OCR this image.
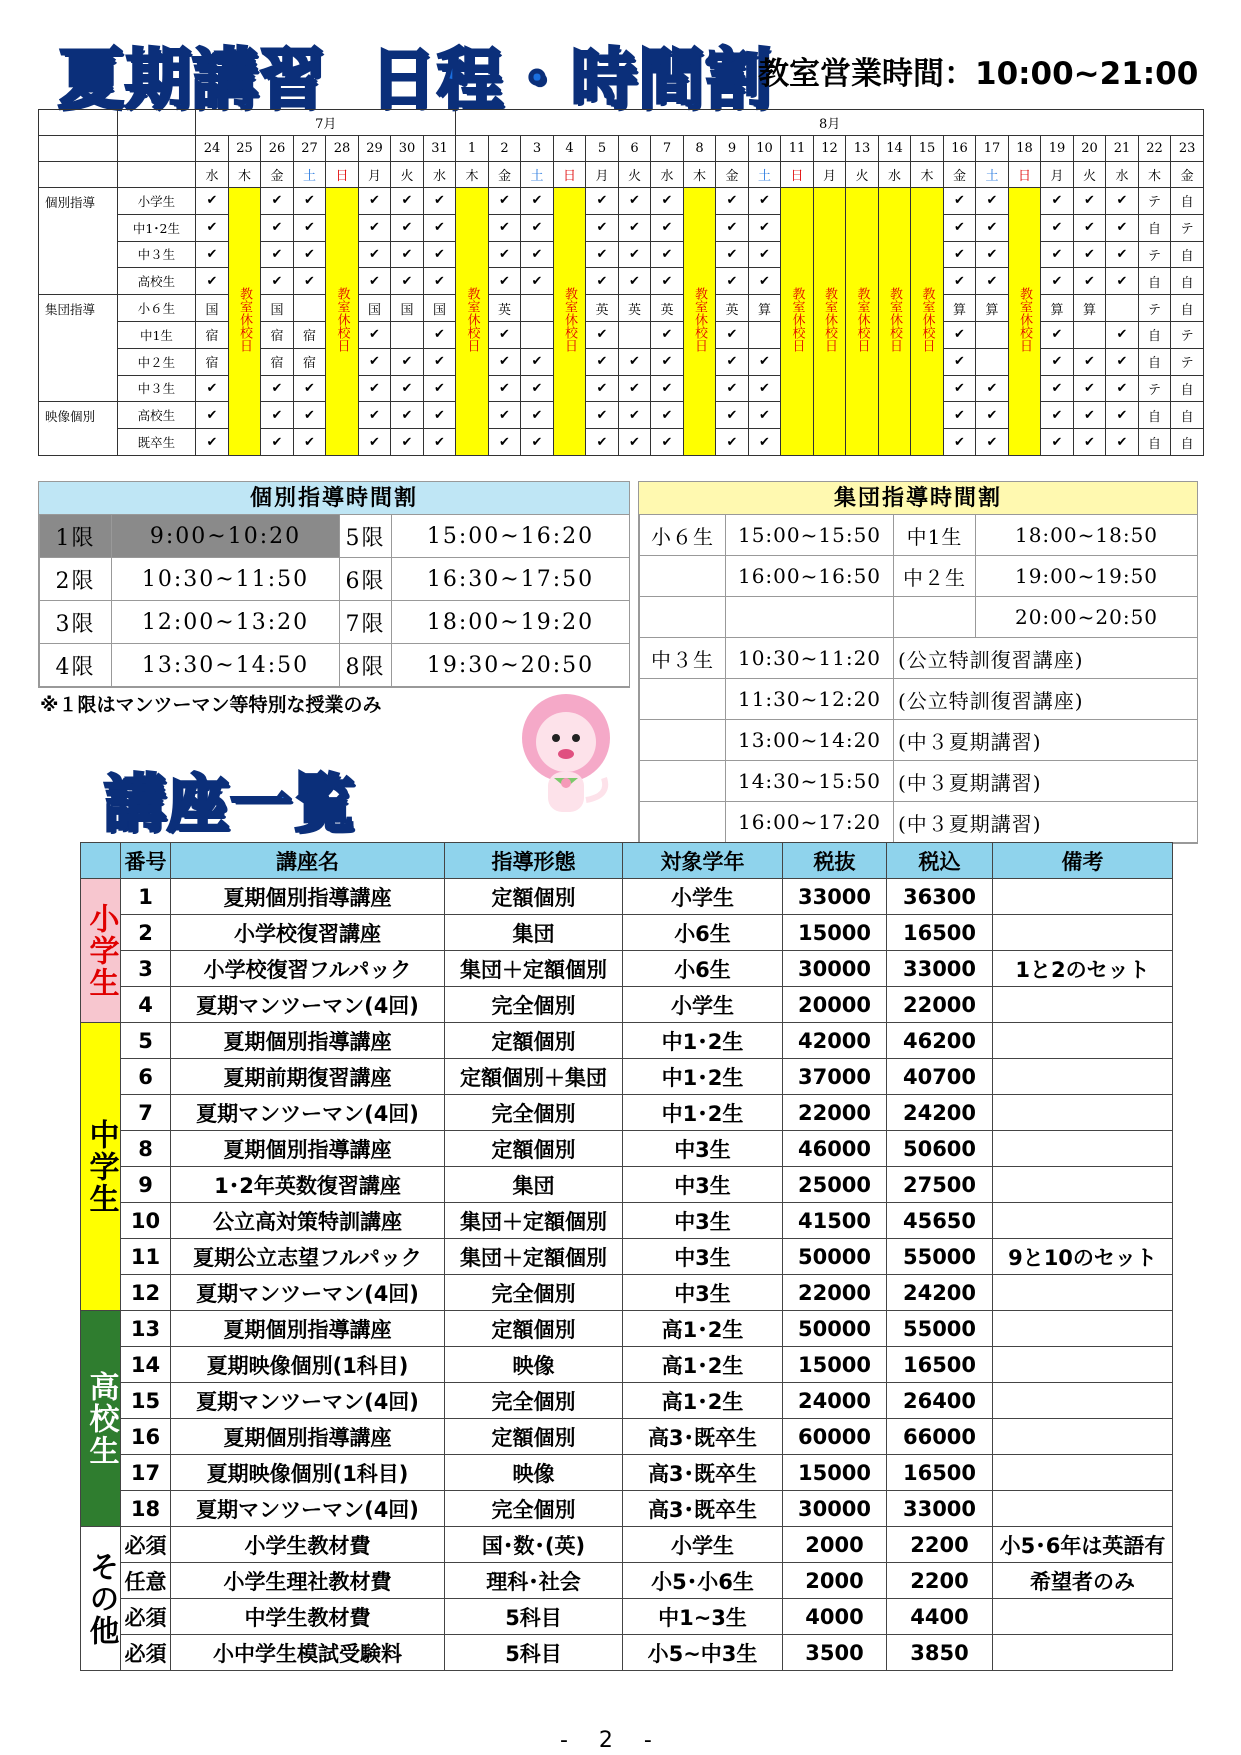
夏期講習 日程・時間割
教室営業時間：10:00~21:00
		7月								8月																						
		24	25	26	27	28	29	30	31	1	2	3	4	5	6	7	8	9	10	11	12	13	14	15	16	17	18	19	20	21	22	23
		水	木	金	土	日	月	火	水	木	金	土	日	月	火	水	木	金	土	日	月	火	水	木	金	土	日	月	火	水	木	金
個別指導	小学生	✔	教室休校日	✔	✔	教室休校日	✔	✔	✔	教室休校日	✔	✔	教室休校日	✔	✔	✔	教室休校日	✔	✔	教室休校日	教室休校日	教室休校日	教室休校日	教室休校日	✔	✔	教室休校日	✔	✔	✔	テ	自
	中1･2生	✔		✔	✔		✔	✔	✔		✔	✔		✔	✔	✔		✔	✔						✔	✔		✔	✔	✔	自	テ
	中３生	✔		✔	✔		✔	✔	✔		✔	✔		✔	✔	✔		✔	✔						✔	✔		✔	✔	✔	テ	自
	高校生	✔		✔	✔		✔	✔	✔		✔	✔		✔	✔	✔		✔	✔						✔	✔		✔	✔	✔	自	自
集団指導	小６生	国		国			国	国	国		英			英	英	英		英	算						算	算		算	算		テ	自
	中1生	宿		宿	宿		✔		✔		✔			✔		✔		✔							✔			✔		✔	自	テ
	中２生	宿		宿	宿		✔	✔	✔		✔	✔		✔	✔	✔		✔	✔						✔			✔	✔	✔	自	テ
	中３生	✔		✔	✔		✔	✔	✔		✔	✔		✔	✔	✔		✔	✔						✔	✔		✔	✔	✔	テ	自
映像個別	高校生	✔		✔	✔		✔	✔	✔		✔	✔		✔	✔	✔		✔	✔						✔	✔		✔	✔	✔	自	自
	既卒生	✔		✔	✔		✔	✔	✔		✔	✔		✔	✔	✔		✔	✔						✔	✔		✔	✔	✔	自	自
個別指導時間割
1限	9:00~10:20	5限	15:00~16:20
2限	10:30~11:50	6限	16:30~17:50
3限	12:00~13:20	7限	18:00~19:20
4限	13:30~14:50	8限	19:30~20:50
※１限はマンツーマン等特別な授業のみ
集団指導時間割
小６生	15:00~15:50	中1生	18:00~18:50
	16:00~16:50	中２生	19:00~19:50
			20:00~20:50
中３生	10:30~11:20	(公立特訓復習講座)	
	11:30~12:20	(公立特訓復習講座)	
	13:00~14:20	(中３夏期講習)	
	14:30~15:50	(中３夏期講習)	
	16:00~17:20	(中３夏期講習)	
講座一覧
	番号	講座名	指導形態	対象学年	税抜	税込	備考
小学生	1	夏期個別指導講座	定額個別	小学生	33000	36300	
	2	小学校復習講座	集団	小6生	15000	16500	
	3	小学校復習フルパック	集団＋定額個別	小6生	30000	33000	1と2のセット
	4	夏期マンツーマン(4回)	完全個別	小学生	20000	22000	
中学生	5	夏期個別指導講座	定額個別	中1･2生	42000	46200	
	6	夏期前期復習講座	定額個別＋集団	中1･2生	37000	40700	
	7	夏期マンツーマン(4回)	完全個別	中1･2生	22000	24200	
	8	夏期個別指導講座	定額個別	中3生	46000	50600	
	9	1･2年英数復習講座	集団	中3生	25000	27500	
	10	公立高対策特訓講座	集団＋定額個別	中3生	41500	45650	
	11	夏期公立志望フルパック	集団＋定額個別	中3生	50000	55000	9と10のセット
	12	夏期マンツーマン(4回)	完全個別	中3生	22000	24200	
高校生	13	夏期個別指導講座	定額個別	高1･2生	50000	55000	
	14	夏期映像個別(1科目)	映像	高1･2生	15000	16500	
	15	夏期マンツーマン(4回)	完全個別	高1･2生	24000	26400	
	16	夏期個別指導講座	定額個別	高3･既卒生	60000	66000	
	17	夏期映像個別(1科目)	映像	高3･既卒生	15000	16500	
	18	夏期マンツーマン(4回)	完全個別	高3･既卒生	30000	33000	
その他	必須	小学生教材費	国･数･(英)	小学生	2000	2200	小5･6年は英語有
	任意	小学生理社教材費	理科･社会	小5･小6生	2000	2200	希望者のみ
	必須	中学生教材費	5科目	中1~3生	4000	4400	
	必須	小中学生模試受験料	5科目	小5~中3生	3500	3850	
- 2 -
